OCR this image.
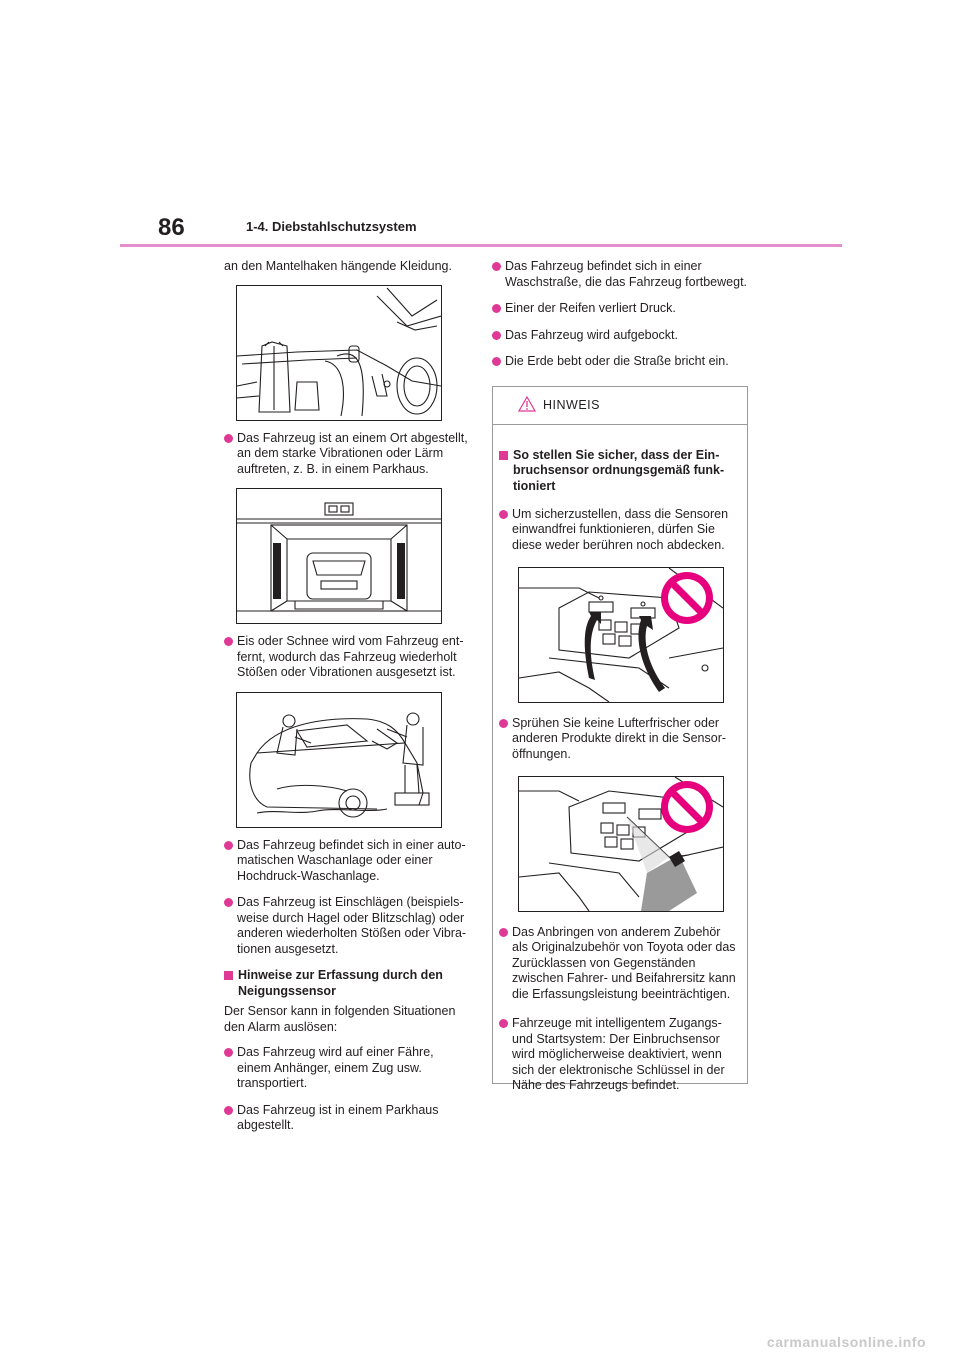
86	1-4. Diebstahlschutzsystem

an den Mantelhaken hängende Kleidung.

Das Fahrzeug ist an einem Ort abgestellt, an dem starke Vibrationen oder Lärm auftreten, z. B. in einem Parkhaus.

Eis oder Schnee wird vom Fahrzeug entfernt, wodurch das Fahrzeug wiederholt Stößen oder Vibrationen ausgesetzt ist.

Das Fahrzeug befindet sich in einer automatischen Waschanlage oder einer Hochdruck-Waschanlage.

Das Fahrzeug ist Einschlägen (beispielsweise durch Hagel oder Blitzschlag) oder anderen wiederholten Stößen oder Vibrationen ausgesetzt.

Hinweise zur Erfassung durch den Neigungssensor

Der Sensor kann in folgenden Situationen den Alarm auslösen:

Das Fahrzeug wird auf einer Fähre, einem Anhänger, einem Zug usw. transportiert.

Das Fahrzeug ist in einem Parkhaus abgestellt.

Das Fahrzeug befindet sich in einer Waschstraße, die das Fahrzeug fortbewegt.

Einer der Reifen verliert Druck.

Das Fahrzeug wird aufgebockt.

Die Erde bebt oder die Straße bricht ein.

HINWEIS

So stellen Sie sicher, dass der Einbruchsensor ordnungsgemäß funktioniert

Um sicherzustellen, dass die Sensoren einwandfrei funktionieren, dürfen Sie diese weder berühren noch abdecken.

Sprühen Sie keine Lufterfrischer oder anderen Produkte direkt in die Sensoröffnungen.

Das Anbringen von anderem Zubehör als Originalzubehör von Toyota oder das Zurücklassen von Gegenständen zwischen Fahrer- und Beifahrersitz kann die Erfassungsleistung beeinträchtigen.

Fahrzeuge mit intelligentem Zugangs- und Startsystem: Der Einbruchsensor wird möglicherweise deaktiviert, wenn sich der elektronische Schlüssel in der Nähe des Fahrzeugs befindet.

carmanualsonline.info
